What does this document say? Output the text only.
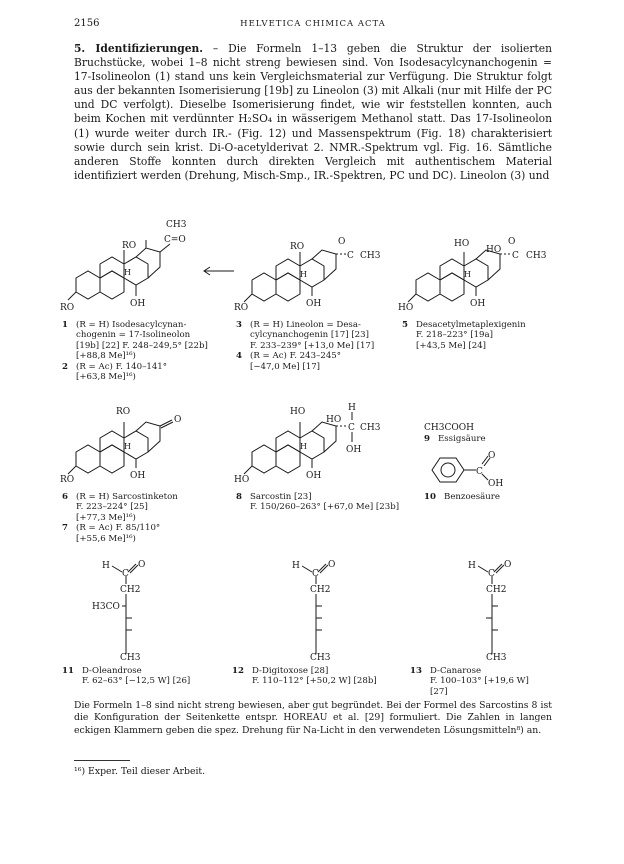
2156	HELVETICA CHIMICA ACTA
5. Identifizierungen. – Die Formeln 1–13 geben die Struktur der isolierten Bruchstücke, wobei 1–8 nicht streng bewiesen sind. Von Isodesacylcynanchogenin = 17-Isolineolon (1) stand uns kein Vergleichsmaterial zur Verfügung. Die Struktur folgt aus der bekannten Isomerisierung [19b] zu Lineolon (3) mit Alkali (nur mit Hilfe der PC und DC verfolgt). Dieselbe Isomerisierung findet, wie wir feststellen konnten, auch beim Kochen mit verdünnter H₂SO₄ in wässerigem Methanol statt. Das 17-Isolineolon (1) wurde weiter durch IR.- (Fig. 12) und Massenspektrum (Fig. 18) charakterisiert sowie durch sein krist. Di-O-acetylderivat 2. NMR.-Spektrum vgl. Fig. 16. Sämtliche anderen Stoffe konnten durch direkten Vergleich mit authentischem Material identifiziert werden (Drehung, Misch-Smp., IR.-Spektren, PC und DC). Lineolon (3) und
RO
C=O
CH3
H
OH
RO
RO	O
C CH3
H
OH
RO
HO
HO
O
C CH3
H
OH
HO
1 (R = H) Isodesacylcynan-
chogenin = 17-Isolineolon
[19b] [22] F. 248–249,5° [22b]
[+88,8 Me]¹⁶)
2 (R = Ac) F. 140–141°
[+63,8 Me]¹⁶)
3 (R = H) Lineolon = Desa-
cylcynanchogenin [17] [23]
F. 233–239° [+13,0 Me] [17]
4 (R = Ac) F. 243–245°
[−47,0 Me] [17]
5 Desacetylmetaplexigenin
F. 218–223° [19a]
[+43,5 Me] [24]
RO
O
H
OH
RO
HO
HO
H
C CH3
OH
H
OH
HO
CH3COOH
9 Essigsäure
C
O
OH
6 (R = H) Sarcostinketon
F. 223–224° [25]
[+77,3 Me]¹⁶)
7 (R = Ac) F. 85/110°
[+55,6 Me]¹⁶)
8 Sarcostin [23]
F. 150/260–263° [+67,0 Me] [23b]
10 Benzoesäure
H
C
O
CH2
H3CO
CH3
H
C
O
CH2
CH3
H
C
O
CH2
CH3
11 D-Oleandrose
F. 62–63° [−12,5 W] [26]
12 D-Digitoxose [28]
F. 110–112° [+50,2 W] [28b]
13 D-Canarose
F. 100–103° [+19,6 W]
[27]
Die Formeln 1–8 sind nicht streng bewiesen, aber gut begründet. Bei der Formel des Sarcostins 8 ist die Konfiguration der Seitenkette entspr. HOREAU et al. [29] formuliert. Die Zahlen in langen eckigen Klammern geben die spez. Drehung für Na-Licht in den verwendeten Lösungsmitteln⁸) an.
¹⁶) Exper. Teil dieser Arbeit.
